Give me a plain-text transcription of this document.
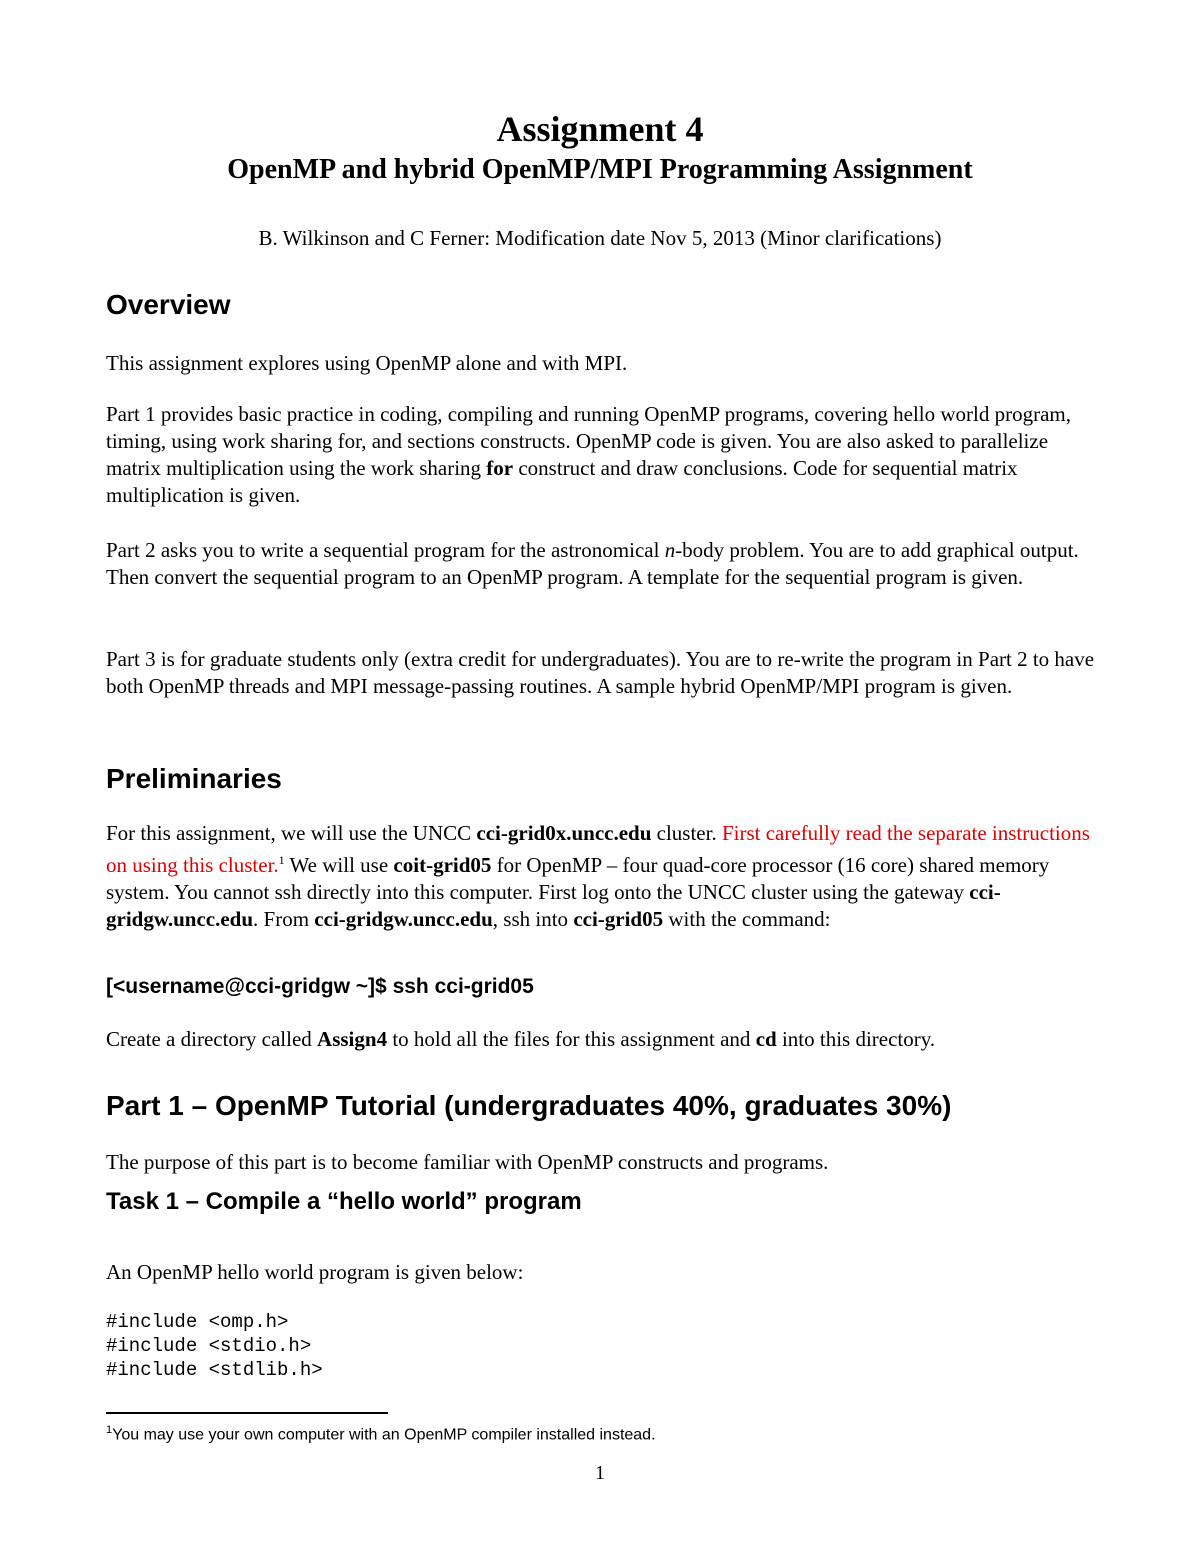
Assignment 4
OpenMP and hybrid OpenMP/MPI Programming Assignment
B. Wilkinson and C Ferner: Modification date Nov 5, 2013 (Minor clarifications)
Overview
This assignment explores using OpenMP alone and with MPI.

Part 1 provides basic practice in coding, compiling and running OpenMP programs, covering hello world program, timing, using work sharing for, and sections constructs. OpenMP code is given. You are also asked to parallelize matrix multiplication using the work sharing for construct and draw conclusions. Code for sequential matrix multiplication is given.

Part 2 asks you to write a sequential program for the astronomical n-body problem. You are to add graphical output. Then convert the sequential program to an OpenMP program. A template for the sequential program is given.

Part 3 is for graduate students only (extra credit for undergraduates). You are to re-write the program in Part 2 to have both OpenMP threads and MPI message-passing routines. A sample hybrid OpenMP/MPI program is given.
Preliminaries

For this assignment, we will use the UNCC cci-grid0x.uncc.edu cluster. First carefully read the separate instructions on using this cluster.$^1$ We will use coit-grid05 for OpenMP – four quad-core processor (16 core) shared memory system. You cannot ssh directly into this computer. First log onto the UNCC cluster using the gateway cci-gridgw.uncc.edu. From cci-gridgw.uncc.edu, ssh into cci-grid05 with the command:

[<username@cci-gridgw ~]$ ssh cci-grid05

Create a directory called Assign4 to hold all the files for this assignment and cd into this directory.

Part 1 – OpenMP Tutorial (undergraduates 40%, graduates 30%)
The purpose of this part is to become familiar with OpenMP constructs and programs.
Task 1 – Compile a “hello world” program
An OpenMP hello world program is given below:
#include <omp.h>
#include <stdio.h>
#include <stdlib.h>
$^1$You may use your own computer with an OpenMP compiler installed instead.
1
